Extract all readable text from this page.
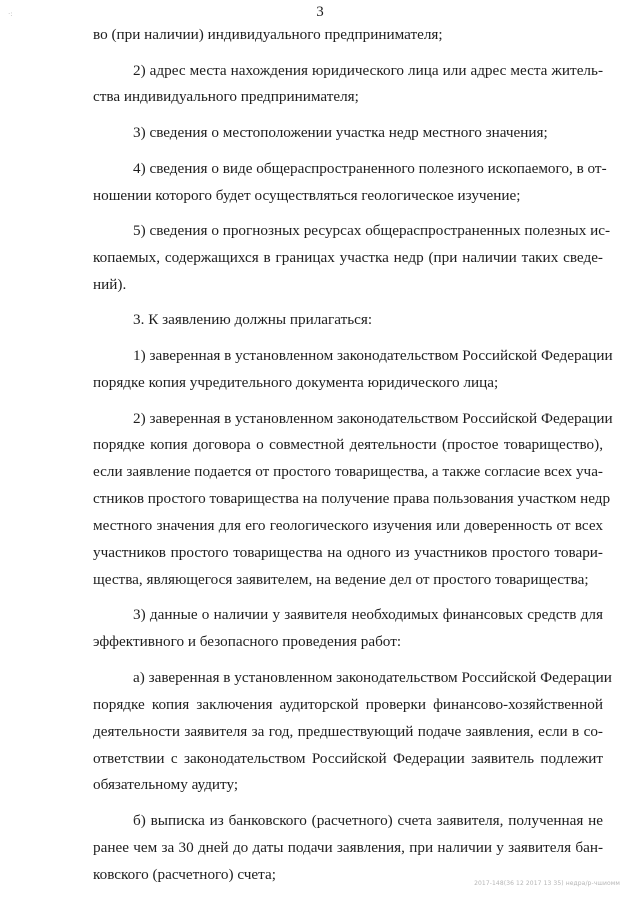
·:	3
во (при наличии) индивидуального предпринимателя;
2) адрес места нахождения юридического лица или адрес места житель-
ства индивидуального предпринимателя;
3) сведения о местоположении участка недр местного значения;
4) сведения о виде общераспространенного полезного ископаемого, в от-
ношении которого будет осуществляться геологическое изучение;
5) сведения о прогнозных ресурсах общераспространенных полезных ис-
копаемых, содержащихся в границах участка недр (при наличии таких сведе-
ний).
3. К заявлению должны прилагаться:
1) заверенная в установленном законодательством Российской Федерации
порядке копия учредительного документа юридического лица;
2) заверенная в установленном законодательством Российской Федерации
порядке копия договора о совместной деятельности (простое товарищество),
если заявление подается от простого товарищества, а также согласие всех уча-
стников простого товарищества на получение права пользования участком недр
местного значения для его геологического изучения или доверенность от всех
участников простого товарищества на одного из участников простого товари-
щества, являющегося заявителем, на ведение дел от простого товарищества;
3) данные о наличии у заявителя необходимых финансовых средств для
эффективного и безопасного проведения работ:
а) заверенная в установленном законодательством Российской Федерации
порядке копия заключения аудиторской проверки финансово-хозяйственной
деятельности заявителя за год, предшествующий подаче заявления, если в со-
ответствии с законодательством Российской Федерации заявитель подлежит
обязательному аудиту;
б) выписка из банковского (расчетного) счета заявителя, полученная не
ранее чем за 30 дней до даты подачи заявления, при наличии у заявителя бан-
ковского (расчетного) счета;
2017-148(36 12 2017 13 35) недра/р-чшиомм
